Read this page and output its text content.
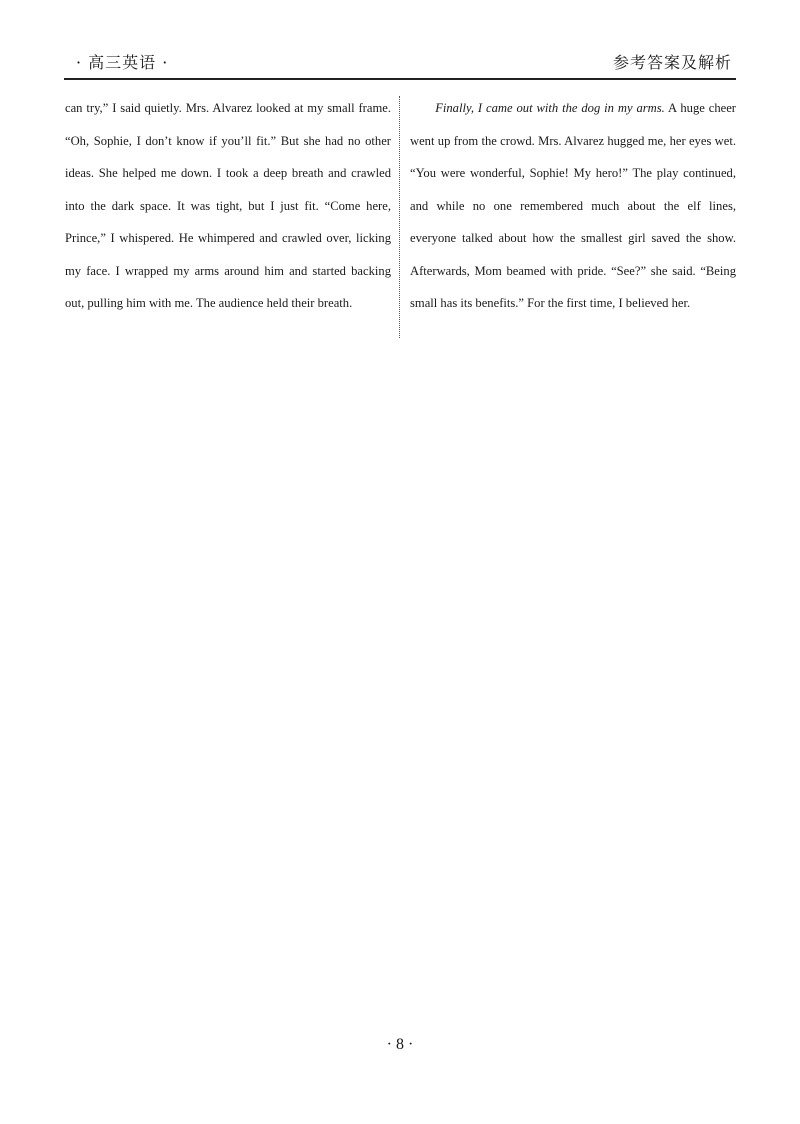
· 高三英语 ·	参考答案及解析

can try,” I said quietly. Mrs. Alvarez looked at my small frame. “Oh, Sophie, I don’t know if you’ll fit.” But she had no other ideas. She helped me down. I took a deep breath and crawled into the dark space. It was tight, but I just fit. “Come here, Prince,” I whispered. He whimpered and crawled over, licking my face. I wrapped my arms around him and started backing out, pulling him with me. The audience held their breath.

Finally, I came out with the dog in my arms. A huge cheer went up from the crowd. Mrs. Alvarez hugged me, her eyes wet. “You were wonderful, Sophie! My hero!” The play continued, and while no one remembered much about the elf lines, everyone talked about how the smallest girl saved the show. Afterwards, Mom beamed with pride. “See?” she said. “Being small has its benefits.” For the first time, I believed her.

· 8 ·
